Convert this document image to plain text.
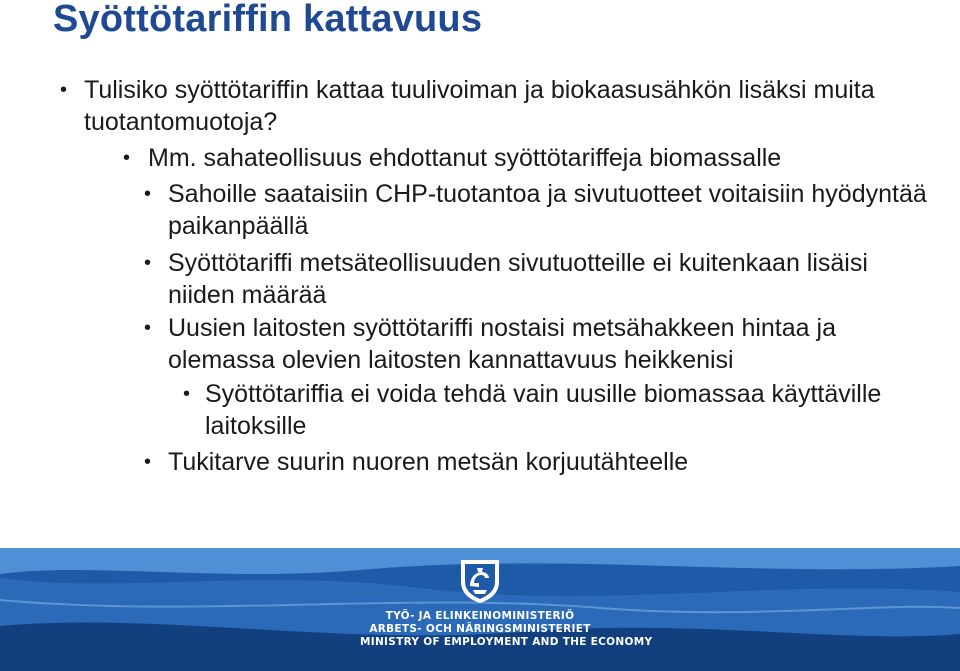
Syöttötariffin kattavuus
• Tulisiko syöttötariffin kattaa tuulivoiman ja biokaasusähkön lisäksi muita tuotantomuotoja?
• Mm. sahateollisuus ehdottanut syöttötariffeja biomassalle
• Sahoille saataisiin CHP-tuotantoa ja sivutuotteet voitaisiin hyödyntää paikanpäällä
• Syöttötariffi metsäteollisuuden sivutuotteille ei kuitenkaan lisäisi niiden määrää
• Uusien laitosten syöttötariffi nostaisi metsähakkeen hintaa ja olemassa olevien laitosten kannattavuus heikkenisi
• Syöttötariffia ei voida tehdä vain uusille biomassaa käyttäville laitoksille
• Tukitarve suurin nuoren metsän korjuutähteelle
TYÖ- JA ELINKEINOMINISTERIÖ
ARBETS- OCH NÄRINGSMINISTERIET
MINISTRY OF EMPLOYMENT AND THE ECONOMY
